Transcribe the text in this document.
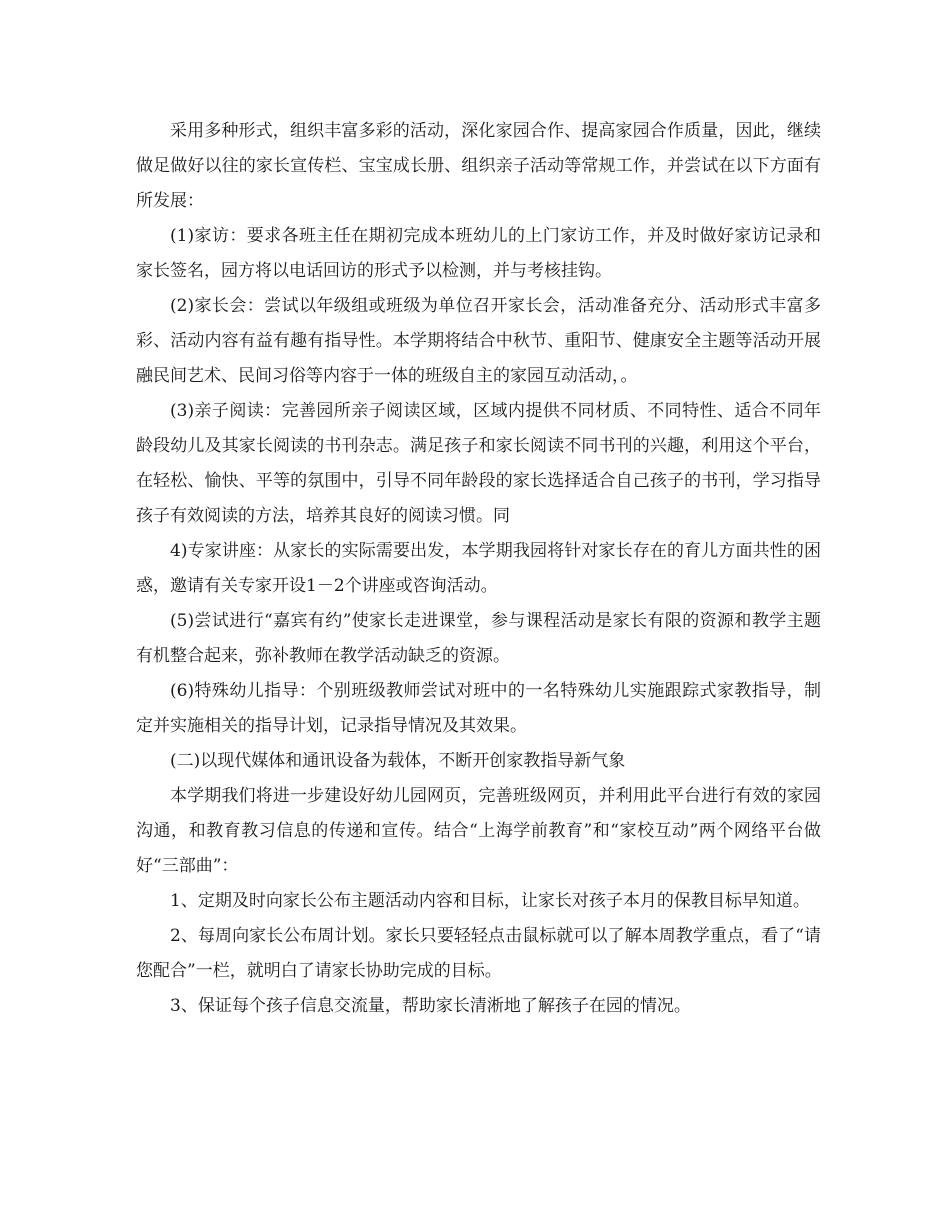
采用多种形式，组织丰富多彩的活动，深化家园合作、提高家园合作质量，因此，继续做足做好以往的家长宣传栏、宝宝成长册、组织亲子活动等常规工作，并尝试在以下方面有所发展：

(1)家访：要求各班主任在期初完成本班幼儿的上门家访工作，并及时做好家访记录和家长签名，园方将以电话回访的形式予以检测，并与考核挂钩。

(2)家长会：尝试以年级组或班级为单位召开家长会，活动准备充分、活动形式丰富多彩、活动内容有益有趣有指导性。本学期将结合中秋节、重阳节、健康安全主题等活动开展融民间艺术、民间习俗等内容于一体的班级自主的家园互动活动，。

(3)亲子阅读：完善园所亲子阅读区域，区域内提供不同材质、不同特性、适合不同年龄段幼儿及其家长阅读的书刊杂志。满足孩子和家长阅读不同书刊的兴趣，利用这个平台，在轻松、愉快、平等的氛围中，引导不同年龄段的家长选择适合自己孩子的书刊，学习指导孩子有效阅读的方法，培养其良好的阅读习惯。同

4)专家讲座：从家长的实际需要出发，本学期我园将针对家长存在的育儿方面共性的困惑，邀请有关专家开设1－2个讲座或咨询活动。

(5)尝试进行“嘉宾有约”使家长走进课堂，参与课程活动是家长有限的资源和教学主题有机整合起来，弥补教师在教学活动缺乏的资源。

(6)特殊幼儿指导：个别班级教师尝试对班中的一名特殊幼儿实施跟踪式家教指导，制定并实施相关的指导计划，记录指导情况及其效果。

(二)以现代媒体和通讯设备为载体，不断开创家教指导新气象

本学期我们将进一步建设好幼儿园网页，完善班级网页，并利用此平台进行有效的家园沟通，和教育教习信息的传递和宣传。结合“上海学前教育”和“家校互动”两个网络平台做好“三部曲”：

1、定期及时向家长公布主题活动内容和目标，让家长对孩子本月的保教目标早知道。

2、每周向家长公布周计划。家长只要轻轻点击鼠标就可以了解本周教学重点，看了“请您配合”一栏，就明白了请家长协助完成的目标。

3、保证每个孩子信息交流量，帮助家长清淅地了解孩子在园的情况。
